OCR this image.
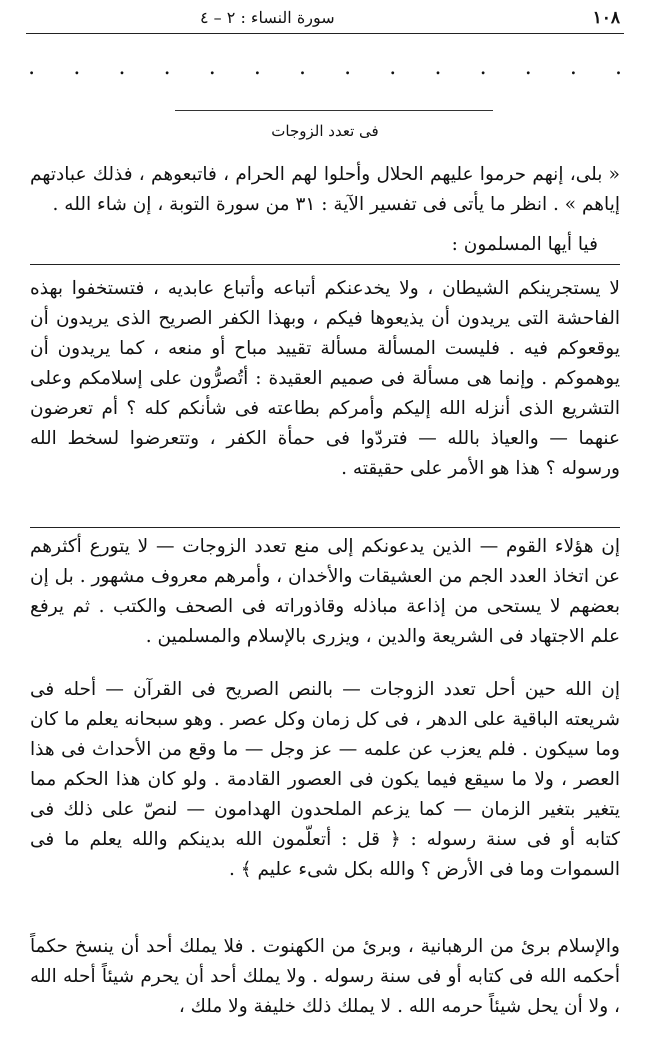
١٠٨
سورة النساء : ٢ – ٤
.
.
.
.
.
.
.
.
.
.
.
.
.
.
فى تعدد الزوجات

« بلى، إنهم حرموا عليهم الحلال وأحلوا لهم الحرام ، فاتبعوهم ، فذلك عبادتهم إياهم » . انظر ما يأتى فى تفسير الآية : ٣١ من سورة التوبة ، إن شاء الله .

فيا أيها المسلمون :

لا يستجرينكم الشيطان ، ولا يخدعنكم أتباعه وأتباع عابديه ، فتستخفوا بهذه الفاحشة التى يريدون أن يذيعوها فيكم ، وبهذا الكفر الصريح الذى يريدون أن يوقعوكم فيه . فليست المسألة مسألة تقييد مباح أو منعه ، كما يريدون أن يوهموكم . وإنما هى مسألة فى صميم العقيدة : أتُصرُّون على إسلامكم وعلى التشريع الذى أنزله الله إليكم وأمركم بطاعته فى شأنكم كله ؟ أم تعرضون عنهما — والعياذ بالله — فتردّوا فى حمأة الكفر ، وتتعرضوا لسخط الله ورسوله ؟ هذا هو الأمر على حقيقته .

إن هؤلاء القوم — الذين يدعونكم إلى منع تعدد الزوجات — لا يتورع أكثرهم عن اتخاذ العدد الجم من العشيقات والأخدان ، وأمرهم معروف مشهور . بل إن بعضهم لا يستحى من إذاعة مباذله وقاذوراته فى الصحف والكتب . ثم يرفع علم الاجتهاد فى الشريعة والدين ، ويزرى بالإسلام والمسلمين .

إن الله حين أحل تعدد الزوجات — بالنص الصريح فى القرآن — أحله فى شريعته الباقية على الدهر ، فى كل زمان وكل عصر . وهو سبحانه يعلم ما كان وما سيكون . فلم يعزب عن علمه — عز وجل — ما وقع من الأحداث فى هذا العصر ، ولا ما سيقع فيما يكون فى العصور القادمة . ولو كان هذا الحكم مما يتغير بتغير الزمان — كما يزعم الملحدون الهدامون — لنصّ على ذلك فى كتابه أو فى سنة رسوله : ﴿ قل : أتعلّمون الله بدينكم والله يعلم ما فى السموات وما فى الأرض ؟ والله بكل شىء عليم ﴾ .

والإسلام برئ من الرهبانية ، وبرئ من الكهنوت . فلا يملك أحد أن ينسخ حكماً أحكمه الله فى كتابه أو فى سنة رسوله . ولا يملك أحد أن يحرم شيئاً أحله الله ، ولا أن يحل شيئاً حرمه الله . لا يملك ذلك خليفة ولا ملك ،
